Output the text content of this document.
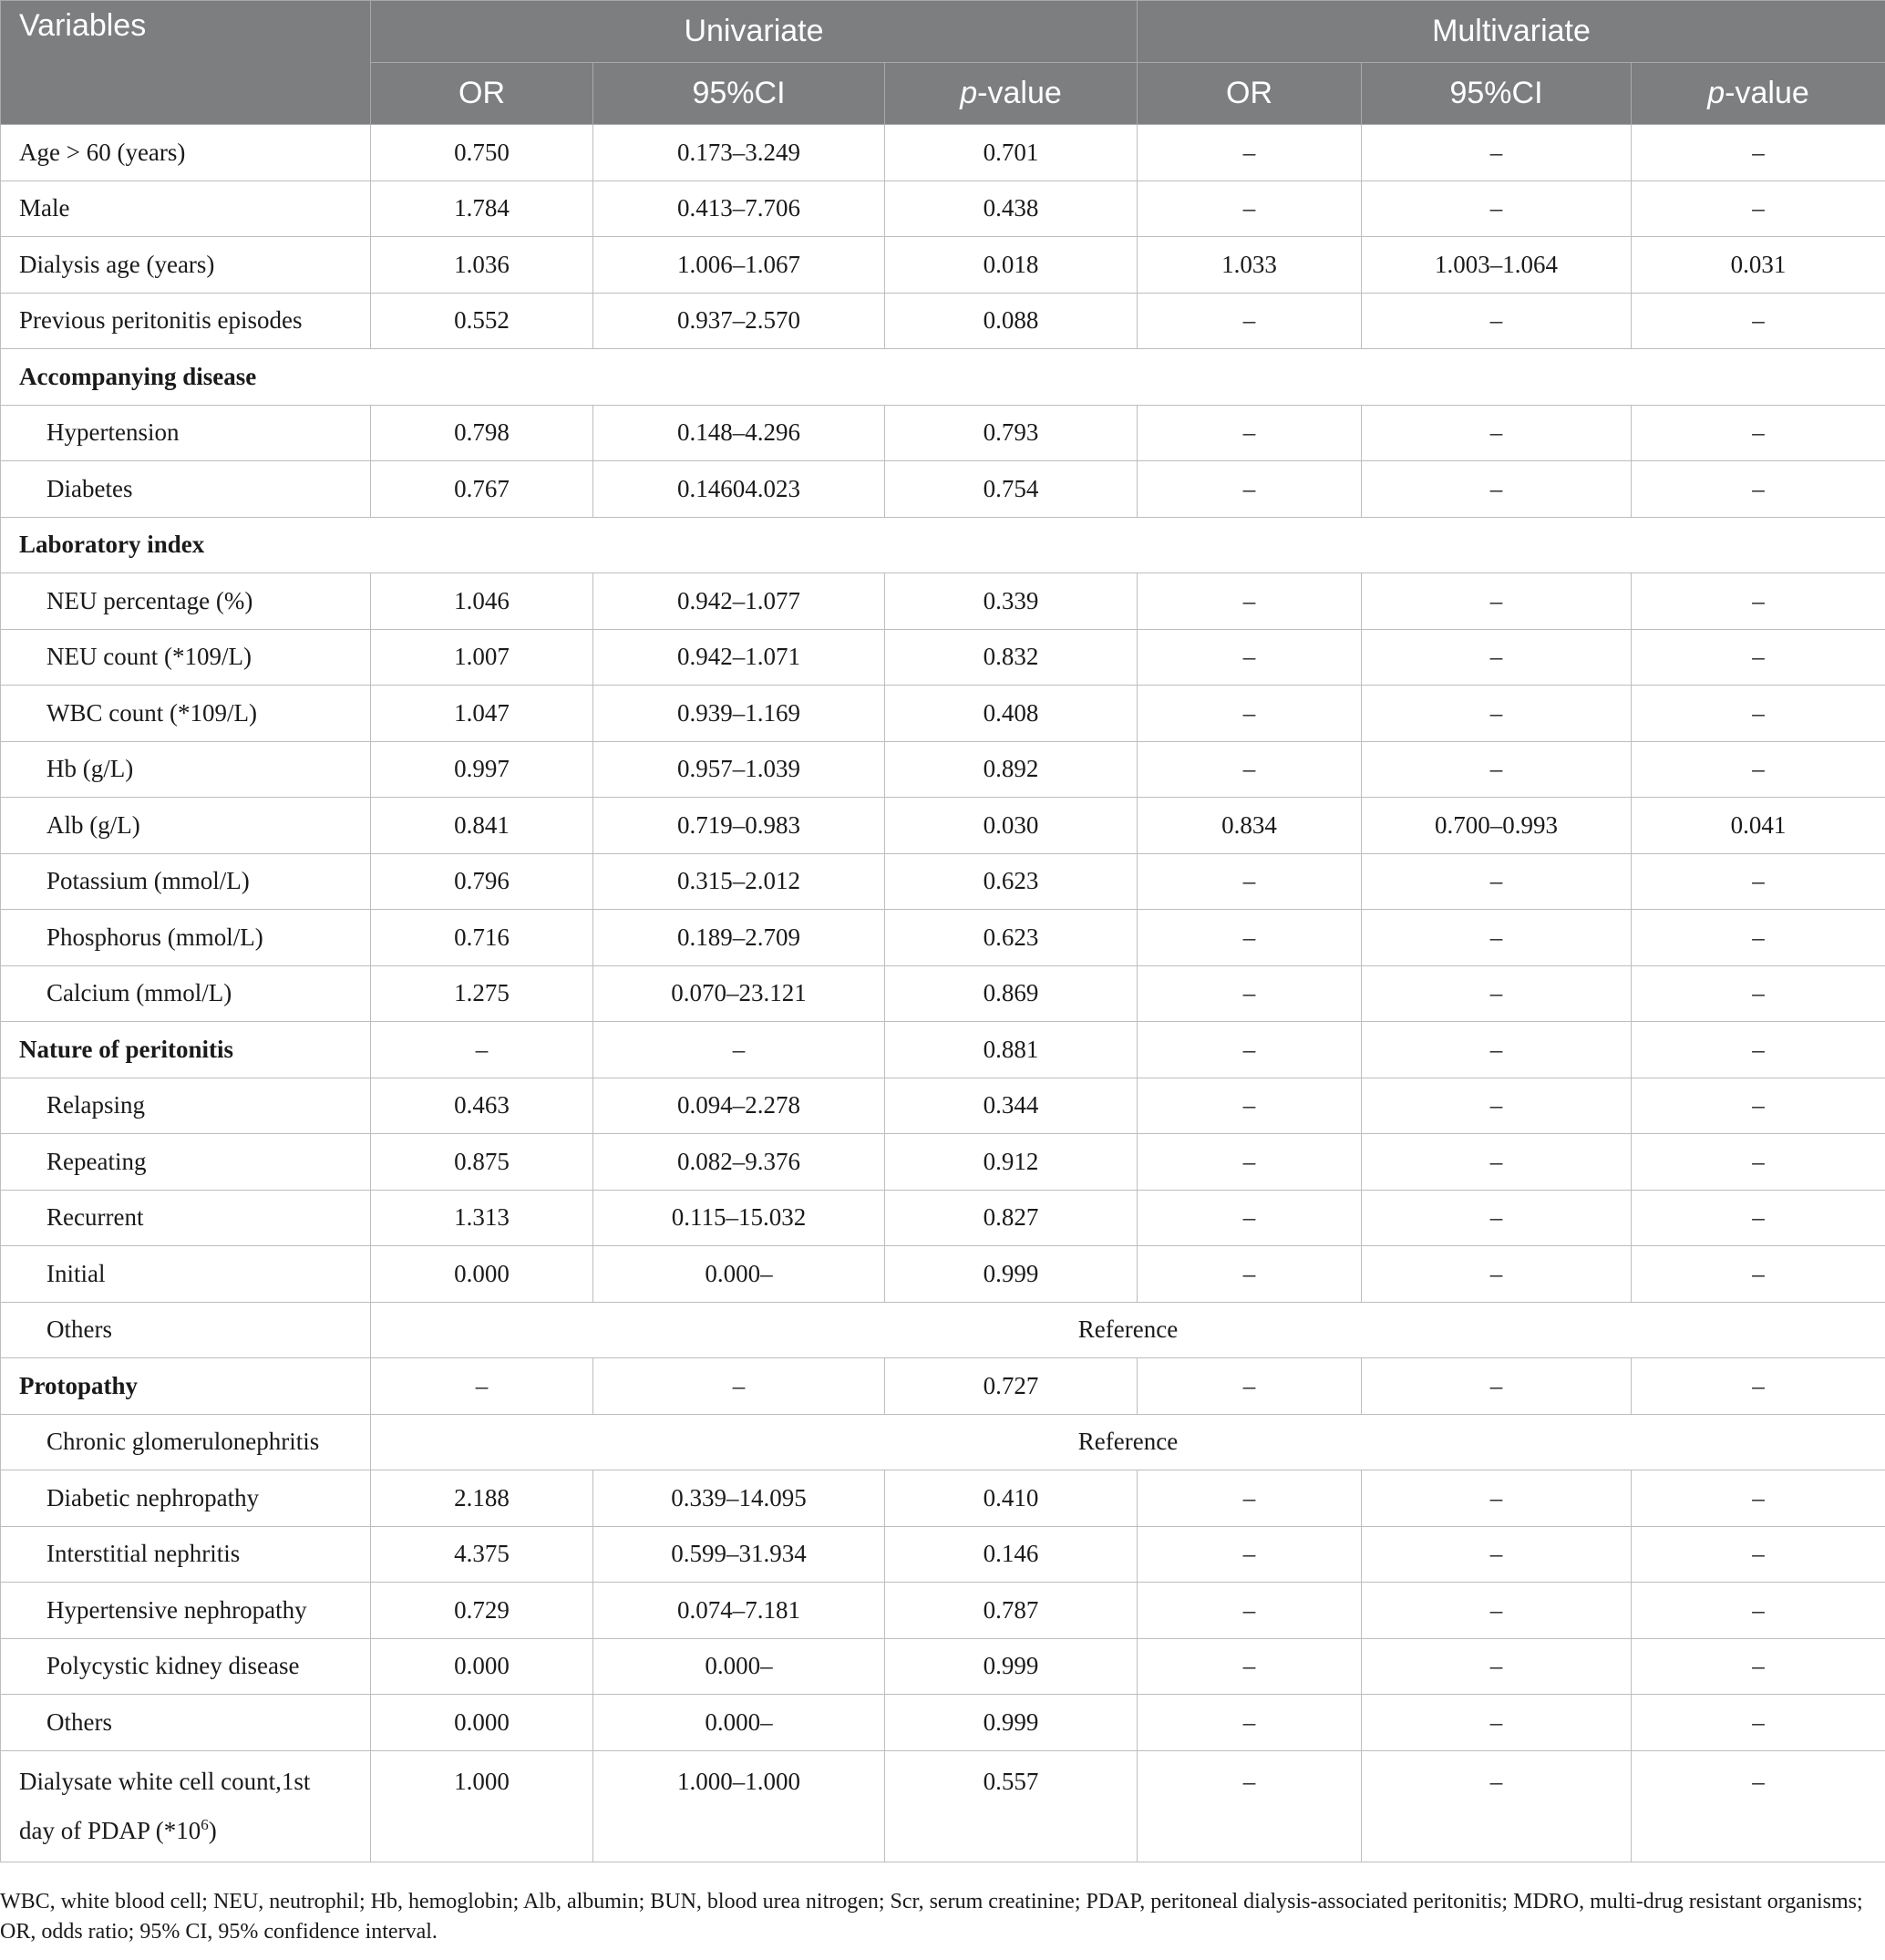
Variables	Univariate			Multivariate		
	OR	95%CI	p-value	OR	95%CI	p-value
Age > 60 (years)	0.750	0.173–3.249	0.701	–	–	–
Male	1.784	0.413–7.706	0.438	–	–	–
Dialysis age (years)	1.036	1.006–1.067	0.018	1.033	1.003–1.064	0.031
Previous peritonitis episodes	0.552	0.937–2.570	0.088	–	–	–
Accompanying disease						
Hypertension	0.798	0.148–4.296	0.793	–	–	–
Diabetes	0.767	0.14604.023	0.754	–	–	–
Laboratory index						
NEU percentage (%)	1.046	0.942–1.077	0.339	–	–	–
NEU count (*109/L)	1.007	0.942–1.071	0.832	–	–	–
WBC count (*109/L)	1.047	0.939–1.169	0.408	–	–	–
Hb (g/L)	0.997	0.957–1.039	0.892	–	–	–
Alb (g/L)	0.841	0.719–0.983	0.030	0.834	0.700–0.993	0.041
Potassium (mmol/L)	0.796	0.315–2.012	0.623	–	–	–
Phosphorus (mmol/L)	0.716	0.189–2.709	0.623	–	–	–
Calcium (mmol/L)	1.275	0.070–23.121	0.869	–	–	–
Nature of peritonitis	–	–	0.881	–	–	–
Relapsing	0.463	0.094–2.278	0.344	–	–	–
Repeating	0.875	0.082–9.376	0.912	–	–	–
Recurrent	1.313	0.115–15.032	0.827	–	–	–
Initial	0.000	0.000–	0.999	–	–	–
Others	Reference					
Protopathy	–	–	0.727	–	–	–
Chronic glomerulonephritis	Reference					
Diabetic nephropathy	2.188	0.339–14.095	0.410	–	–	–
Interstitial nephritis	4.375	0.599–31.934	0.146	–	–	–
Hypertensive nephropathy	0.729	0.074–7.181	0.787	–	–	–
Polycystic kidney disease	0.000	0.000–	0.999	–	–	–
Others	0.000	0.000–	0.999	–	–	–
Dialysate white cell count,1st
day of PDAP $(*10^6)$	1.000	1.000–1.000	0.557	–	–	–
WBC, white blood cell; NEU, neutrophil; Hb, hemoglobin; Alb, albumin; BUN, blood urea nitrogen; Scr, serum creatinine; PDAP, peritoneal dialysis-associated peritonitis; MDRO, multi-drug resistant organisms; OR, odds ratio; 95% CI, 95% confidence interval.
